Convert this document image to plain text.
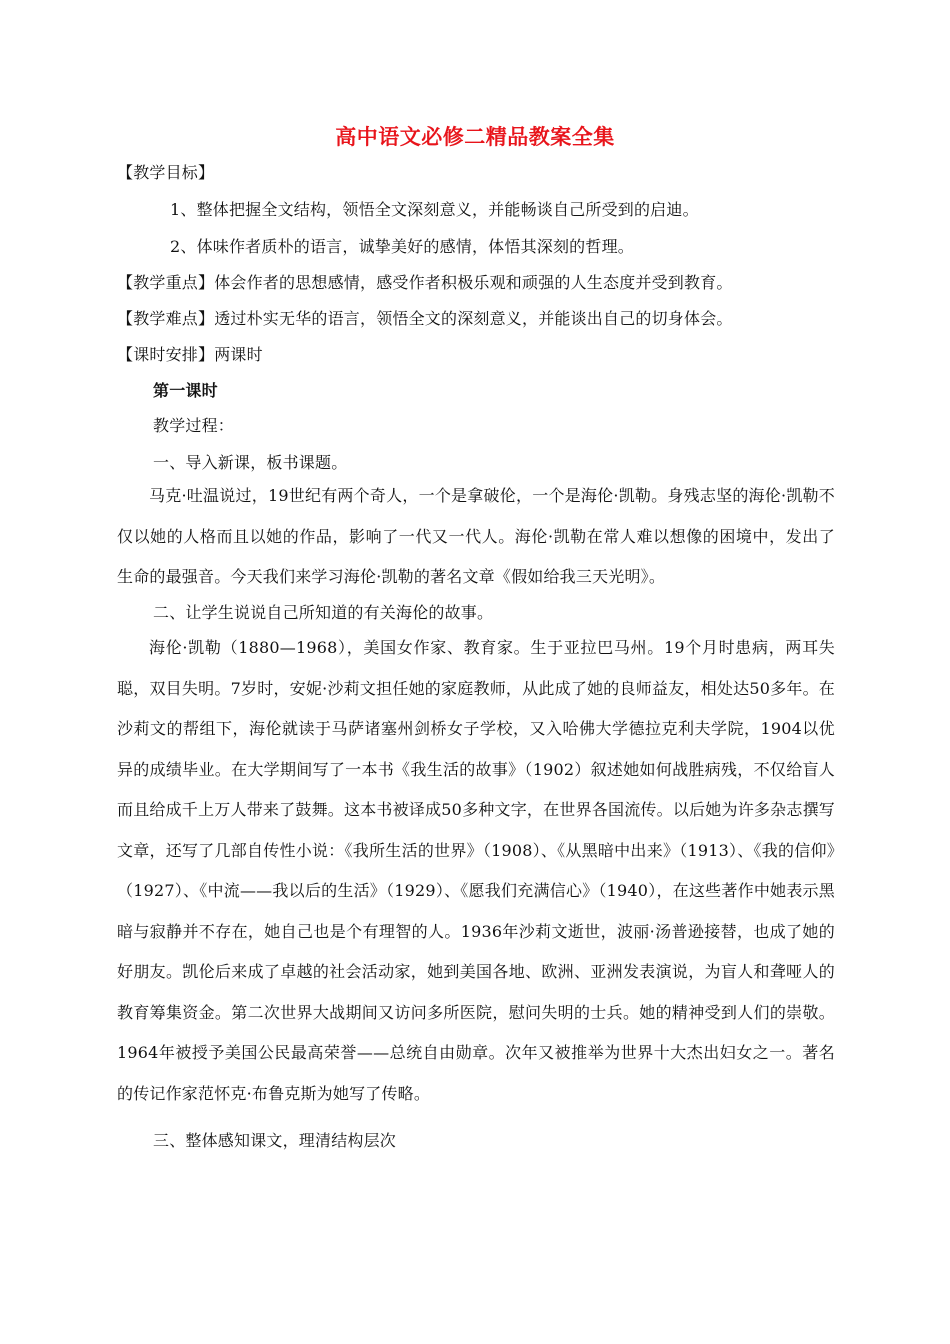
高中语文必修二精品教案全集
【教学目标】
1、整体把握全文结构，领悟全文深刻意义，并能畅谈自己所受到的启迪。
2、体味作者质朴的语言，诚挚美好的感情，体悟其深刻的哲理。
【教学重点】体会作者的思想感情，感受作者积极乐观和顽强的人生态度并受到教育。
【教学难点】透过朴实无华的语言，领悟全文的深刻意义，并能谈出自己的切身体会。
【课时安排】两课时
第一课时
教学过程：
一、导入新课，板书课题。
马克·吐温说过，19世纪有两个奇人，一个是拿破伦，一个是海伦·凯勒。身残志坚的海伦·凯勒不仅以她的人格而且以她的作品，影响了一代又一代人。海伦·凯勒在常人难以想像的困境中，发出了生命的最强音。今天我们来学习海伦·凯勒的著名文章《假如给我三天光明》。
二、让学生说说自己所知道的有关海伦的故事。
海伦·凯勒（1880—1968），美国女作家、教育家。生于亚拉巴马州。19个月时患病，两耳失聪，双目失明。7岁时，安妮·沙莉文担任她的家庭教师，从此成了她的良师益友，相处达50多年。在沙莉文的帮组下，海伦就读于马萨诸塞州剑桥女子学校，又入哈佛大学德拉克利夫学院，1904以优异的成绩毕业。在大学期间写了一本书《我生活的故事》（1902）叙述她如何战胜病残，不仅给盲人而且给成千上万人带来了鼓舞。这本书被译成50多种文字，在世界各国流传。以后她为许多杂志撰写文章，还写了几部自传性小说：《我所生活的世界》（1908）、《从黑暗中出来》（1913）、《我的信仰》（1927）、《中流——我以后的生活》（1929）、《愿我们充满信心》（1940），在这些著作中她表示黑暗与寂静并不存在，她自己也是个有理智的人。1936年沙莉文逝世，波丽·汤普逊接替，也成了她的好朋友。凯伦后来成了卓越的社会活动家，她到美国各地、欧洲、亚洲发表演说，为盲人和聋哑人的教育筹集资金。第二次世界大战期间又访问多所医院，慰问失明的士兵。她的精神受到人们的崇敬。1964年被授予美国公民最高荣誉——总统自由勋章。次年又被推举为世界十大杰出妇女之一。著名的传记作家范怀克·布鲁克斯为她写了传略。
三、整体感知课文，理清结构层次
